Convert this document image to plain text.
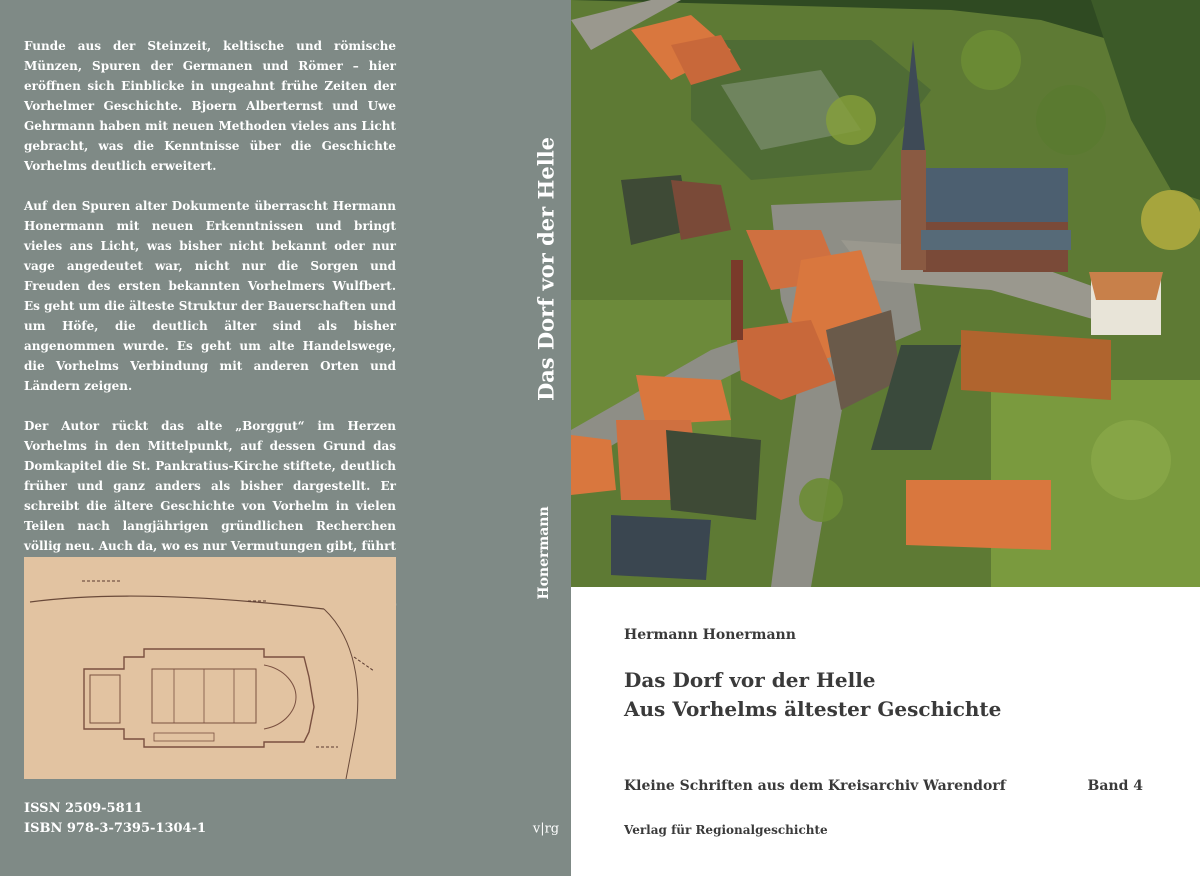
Funde aus der Steinzeit, keltische und römische Münzen, Spuren der Germanen und Römer – hier eröffnen sich Einblicke in ungeahnt frühe Zeiten der Vorhelmer Geschichte. Bjoern Alberternst und Uwe Gehrmann haben mit neuen Methoden vieles ans Licht gebracht, was die Kenntnisse über die Geschichte Vorhelms deutlich erweitert.

Auf den Spuren alter Dokumente überrascht Hermann Honermann mit neuen Erkenntnissen und bringt vieles ans Licht, was bisher nicht bekannt oder nur vage angedeutet war, nicht nur die Sorgen und Freuden des ersten bekannten Vorhelmers Wulfbert. Es geht um die älteste Struktur der Bauerschaften und um Höfe, die deutlich älter sind als bisher angenommen wurde. Es geht um alte Handelswege, die Vorhelms Verbindung mit anderen Orten und Ländern zeigen.

Der Autor rückt das alte „Borggut“ im Herzen Vorhelms in den Mittelpunkt, auf dessen Grund das Domkapitel die St. Pankratius-Kirche stiftete, deutlich früher und ganz anders als bisher dargestellt. Er schreibt die ältere Geschichte von Vorhelm in vielen Teilen nach langjährigen gründlichen Recherchen völlig neu. Auch da, wo es nur Vermutungen gibt, führt

ISSN 2509-5811
ISBN 978-3-7395-1304-1
Das Dorf vor der Helle
Honermann
v|rg
Hermann Honermann
Das Dorf vor der Helle
Aus Vorhelms ältester Geschichte
Kleine Schriften aus dem Kreisarchiv Warendorf	Band 4
Verlag für Regionalgeschichte
